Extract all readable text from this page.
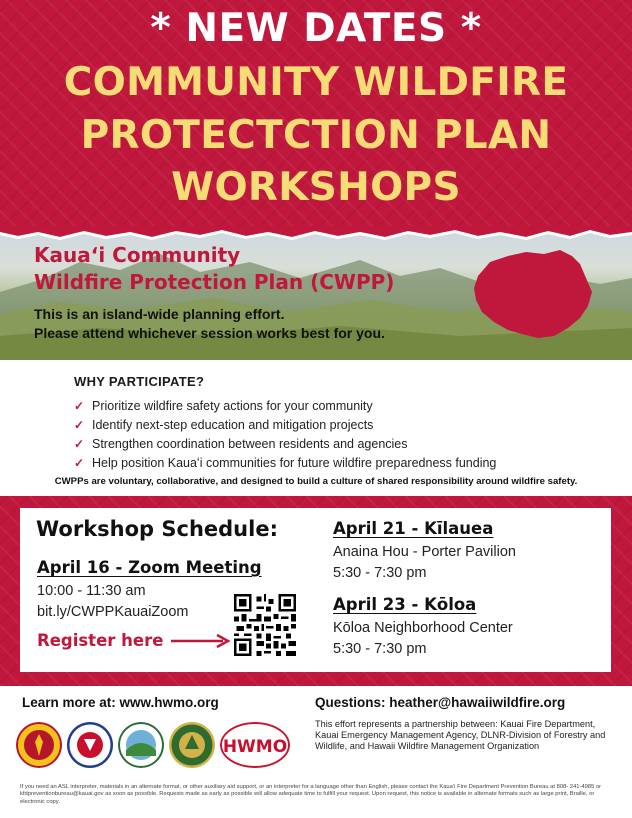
* NEW DATES *
COMMUNITY WILDFIRE
PROTECTCTION PLAN
WORKSHOPS
Kauaʻi Community
Wildfire Protection Plan (CWPP)
This is an island-wide planning effort.
Please attend whichever session works best for you.
WHY PARTICIPATE?
✓ Prioritize wildfire safety actions for your community
✓ Identify next-step education and mitigation projects
✓ Strengthen coordination between residents and agencies
✓ Help position Kauaʻi communities for future wildfire preparedness funding
CWPPs are voluntary, collaborative, and designed to build a culture of shared responsibility around wildfire safety.
Workshop Schedule:
April 16 - Zoom Meeting
10:00 - 11:30 am
bit.ly/CWPPKauaiZoom
Register here
April 21 - Kīlauea
Anaina Hou - Porter Pavilion
5:30 - 7:30 pm
April 23 - Kōloa
Kōloa Neighborhood Center
5:30 - 7:30 pm
Learn more at: www.hwmo.org	Questions: heather@hawaiiwildfire.org
HWMO
This effort represents a partnership between: Kauai Fire Department, Kauai Emergency Management Agency, DLNR-Division of Forestry and Wildlife, and Hawaii Wildfire Management Organization
If you need an ASL interpreter, materials in an alternate format, or other auxiliary aid support, or an interpreter for a language other than English, please contact the Kauaʻi Fire Department Prevention Bureau at 808- 241-4985 or kfdpreventionbureau@kauai.gov as soon as possible. Requests made as early as possible will allow adequate time to fulfill your request. Upon request, this notice is available in alternate formats such as large print, Braille, or electronic copy.
